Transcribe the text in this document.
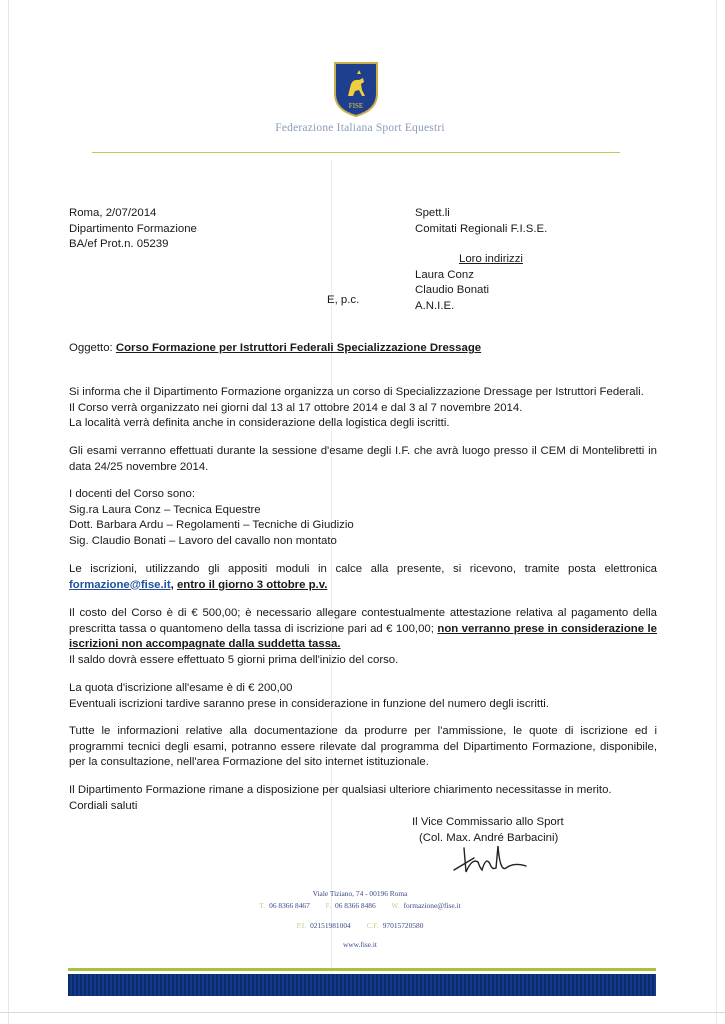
FISE
Federazione Italiana Sport Equestri
Roma, 2/07/2014
Dipartimento Formazione
BA/ef Prot.n. 05239
Spett.li
Comitati Regionali F.I.S.E.
Loro indirizzi
Laura Conz
Claudio Bonati
A.N.I.E.
E, p.c.
Oggetto: Corso Formazione per Istruttori Federali Specializzazione Dressage
Si informa che il Dipartimento Formazione organizza un corso di Specializzazione Dressage per Istruttori Federali.
Il Corso verrà organizzato nei giorni dal 13 al 17 ottobre 2014 e dal 3 al 7 novembre 2014.
La località verrà definita anche in considerazione della logistica degli iscritti.

Gli esami verranno effettuati durante la sessione d'esame degli I.F. che avrà luogo presso il CEM di Montelibretti in data 24/25 novembre 2014.

I docenti del Corso sono:
Sig.ra Laura Conz – Tecnica Equestre
Dott. Barbara Ardu – Regolamenti – Tecniche di Giudizio
Sig. Claudio Bonati – Lavoro del cavallo non montato

Le iscrizioni, utilizzando gli appositi moduli in calce alla presente, si ricevono, tramite posta elettronica

formazione@fise.it, entro il giorno 3 ottobre p.v.

Il costo del Corso è di € 500,00; è necessario allegare contestualmente attestazione relativa al pagamento della prescritta tassa o quantomeno della tassa di iscrizione pari ad € 100,00; non verranno prese in considerazione le iscrizioni non accompagnate dalla suddetta tassa.

Il saldo dovrà essere effettuato 5 giorni prima dell'inizio del corso.

La quota d'iscrizione all'esame è di € 200,00
Eventuali iscrizioni tardive saranno prese in considerazione in funzione del numero degli iscritti.

Tutte le informazioni relative alla documentazione da produrre per l'ammissione, le quote di iscrizione ed i programmi tecnici degli esami, potranno essere rilevate dal programma del Dipartimento Formazione, disponibile, per la consultazione, nell'area Formazione del sito internet istituzionale.

Il Dipartimento Formazione rimane a disposizione per qualsiasi ulteriore chiarimento necessitasse in merito.
Cordiali saluti
Il Vice Commissario allo Sport
(Col. Max. André Barbacini)
Viale Tiziano, 74 - 00196 Roma
T. 06 8366 8467 F. 06 8366 8486 W. formazione@fise.it
P.I. 02151981004 C.F. 97015720580
www.fise.it
